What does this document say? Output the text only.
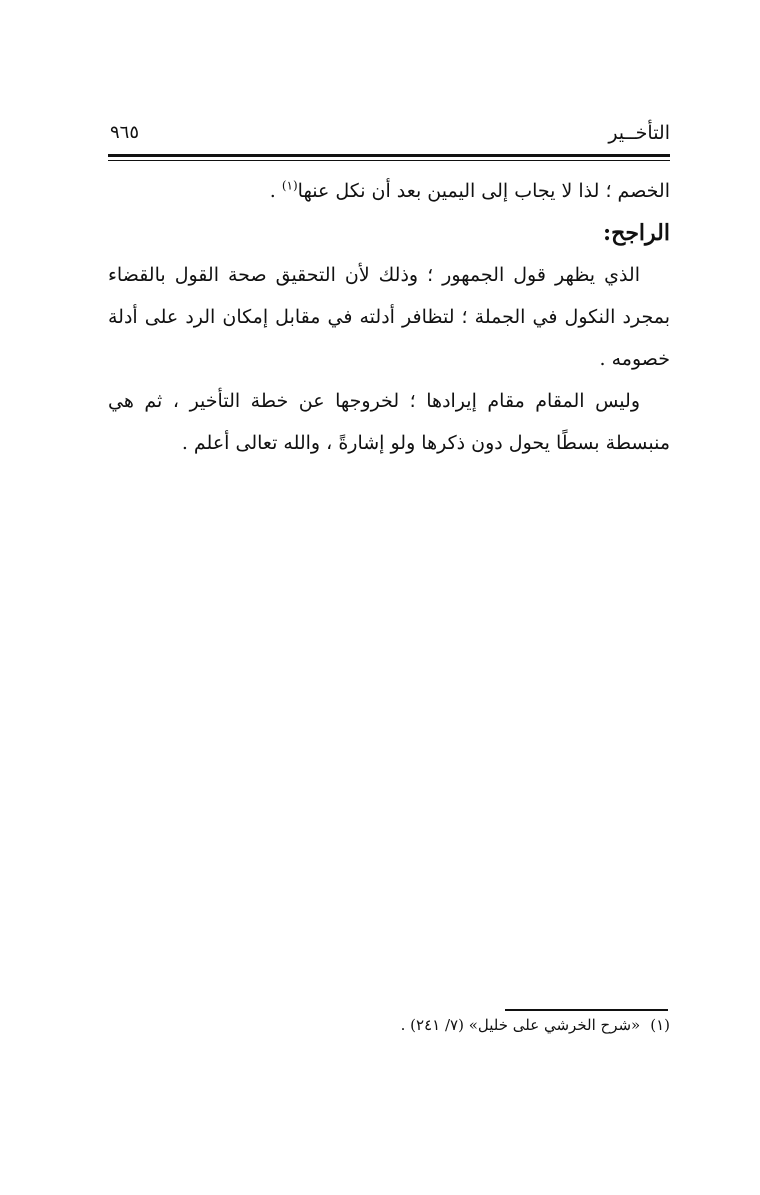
التأخــير
٩٦٥

الخصم ؛ لذا لا يجاب إلى اليمين بعد أن نكل عنها$^{(١)}$ .

الراجح:

الذي يظهر قول الجمهور ؛ وذلك لأن التحقيق صحة القول بالقضاء بمجرد النكول في الجملة ؛ لتظافر أدلته في مقابل إمكان الرد على أدلة خصومه .

وليس المقام مقام إيرادها ؛ لخروجها عن خطة التأخير ، ثم هي منبسطة بسطًا يحول دون ذكرها ولو إشارةً ، والله تعالى أعلم .

(١)«شرح الخرشي على خليل» (٧/ ٢٤١) .
